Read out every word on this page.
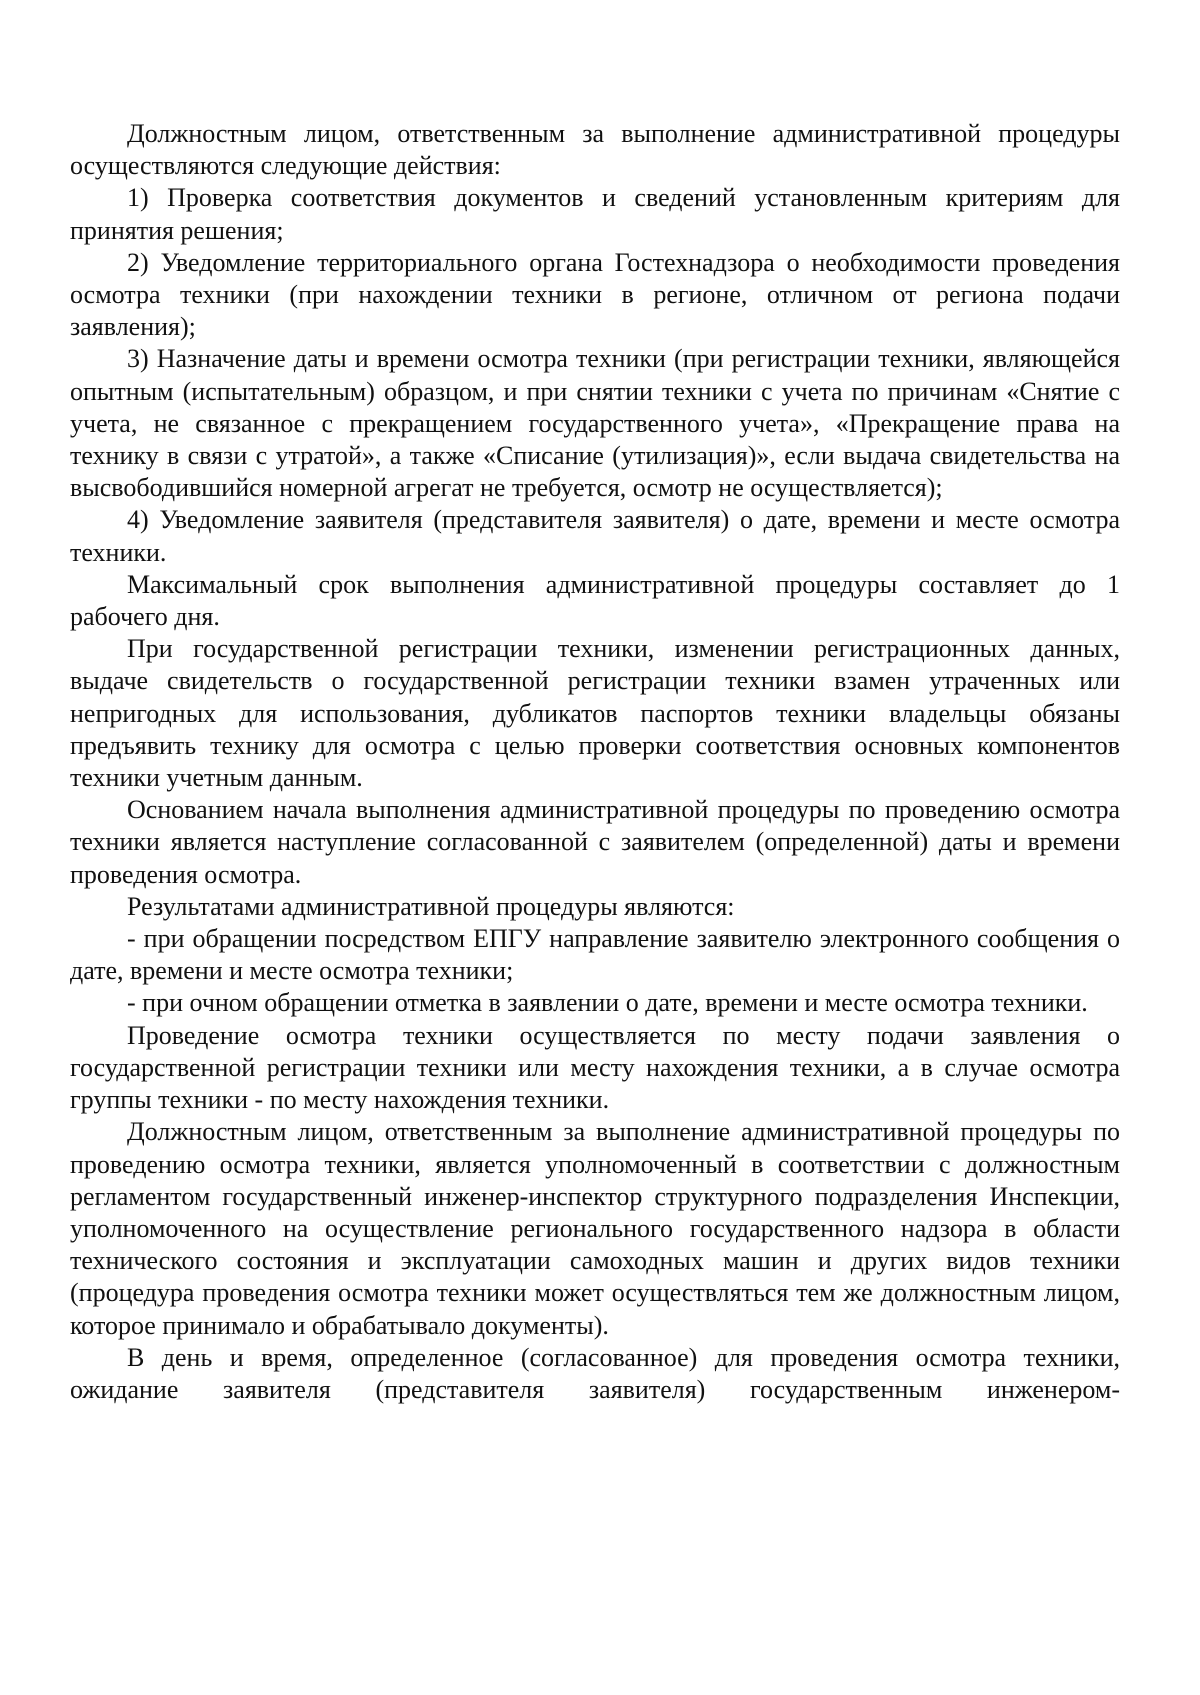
Должностным лицом, ответственным за выполнение административной процедуры осуществляются следующие действия:

1) Проверка соответствия документов и сведений установленным критериям для принятия решения;

2) Уведомление территориального органа Гостехнадзора о необходимости проведения осмотра техники (при нахождении техники в регионе, отличном от региона подачи заявления);

3) Назначение даты и времени осмотра техники (при регистрации техники, являющейся опытным (испытательным) образцом, и при снятии техники с учета по причинам «Снятие с учета, не связанное с прекращением государственного учета», «Прекращение права на технику в связи с утратой», а также «Списание (утилизация)», если выдача свидетельства на высвободившийся номерной агрегат не требуется, осмотр не осуществляется);

4) Уведомление заявителя (представителя заявителя) о дате, времени и месте осмотра техники.

Максимальный срок выполнения административной процедуры составляет до 1 рабочего дня.

При государственной регистрации техники, изменении регистрационных данных, выдаче свидетельств о государственной регистрации техники взамен утраченных или непригодных для использования, дубликатов паспортов техники владельцы обязаны предъявить технику для осмотра с целью проверки соответствия основных компонентов техники учетным данным.

Основанием начала выполнения административной процедуры по проведению осмотра техники является наступление согласованной с заявителем (определенной) даты и времени проведения осмотра.

Результатами административной процедуры являются:

- при обращении посредством ЕПГУ направление заявителю электронного сообщения о дате, времени и месте осмотра техники;

- при очном обращении отметка в заявлении о дате, времени и месте осмотра техники.

Проведение осмотра техники осуществляется по месту подачи заявления о государственной регистрации техники или месту нахождения техники, а в случае осмотра группы техники - по месту нахождения техники.

Должностным лицом, ответственным за выполнение административной процедуры по проведению осмотра техники, является уполномоченный в соответствии с должностным регламентом государственный инженер-инспектор структурного подразделения Инспекции, уполномоченного на осуществление регионального государственного надзора в области технического состояния и эксплуатации самоходных машин и других видов техники (процедура проведения осмотра техники может осуществляться тем же должностным лицом, которое принимало и обрабатывало документы).

В день и время, определенное (согласованное) для проведения осмотра техники, ожидание заявителя (представителя заявителя) государственным инженером-
